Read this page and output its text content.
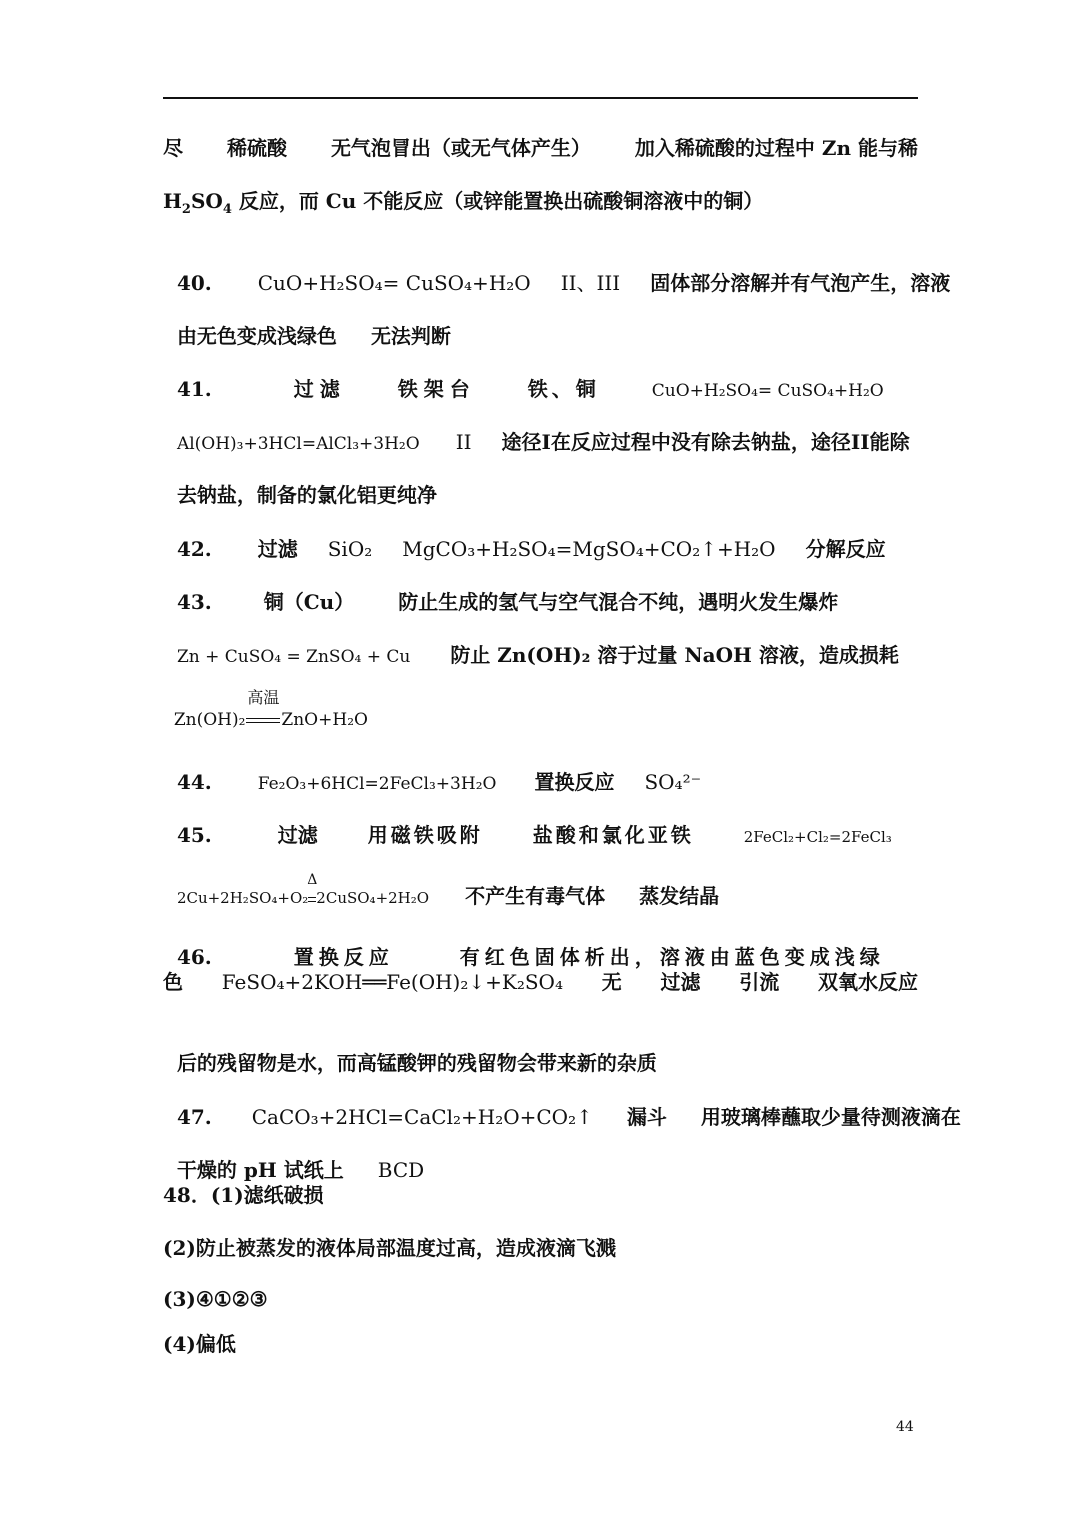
尽 稀硫酸 无气泡冒出（或无气体产生） 加入稀硫酸的过程中 Zn 能与稀
$H_2SO_4$ 反应，而 Cu 不能反应（或锌能置换出硫酸铜溶液中的铜）

40. CuO+H₂SO₄= CuSO₄+H₂O II、III 固体部分溶解并有气泡产生，溶液

由无色变成浅绿色 无法判断

41.	过滤	铁架台	铁、铜	CuO+H₂SO₄= CuSO₄+H₂O

Al(OH)₃+3HCl=AlCl₃+3H₂O II 途径I在反应过程中没有除去钠盐，途径II能除

去钠盐，制备的氯化铝更纯净

42. 过滤 SiO₂ MgCO₃+H₂SO₄=MgSO₄+CO₂↑+H₂O 分解反应

43.	铜（Cu） 防止生成的氢气与空气混合不纯，遇明火发生爆炸

Zn + CuSO₄ = ZnSO₄ + Cu 防止 Zn(OH)₂ 溶于过量 NaOH 溶液，造成损耗

Zn(OH)₂
高温
ZnO+H₂O

44.	Fe₂O₃+6HCl=2FeCl₃+3H₂O 置换反应 SO₄²⁻

45.	过滤	用磁铁吸附	盐酸和氯化亚铁	2FeCl₂+Cl₂=2FeCl₃

2Cu+2H₂SO₄+O₂
Δ
2CuSO₄+2H₂O 不产生有毒气体 蒸发结晶

46.	置换反应	有红色固体析出，溶液由蓝色变成浅绿

色 FeSO₄+2KOH══Fe(OH)₂↓+K₂SO₄ 无 过滤 引流 双氧水反应

后的残留物是水，而高锰酸钾的残留物会带来新的杂质

47. CaCO₃+2HCl=CaCl₂+H₂O+CO₂↑ 漏斗 用玻璃棒蘸取少量待测液滴在

干燥的 pH 试纸上 BCD

48．(1)滤纸破损
(2)防止被蒸发的液体局部温度过高，造成液滴飞溅
(3)④①②③
(4)偏低
44
